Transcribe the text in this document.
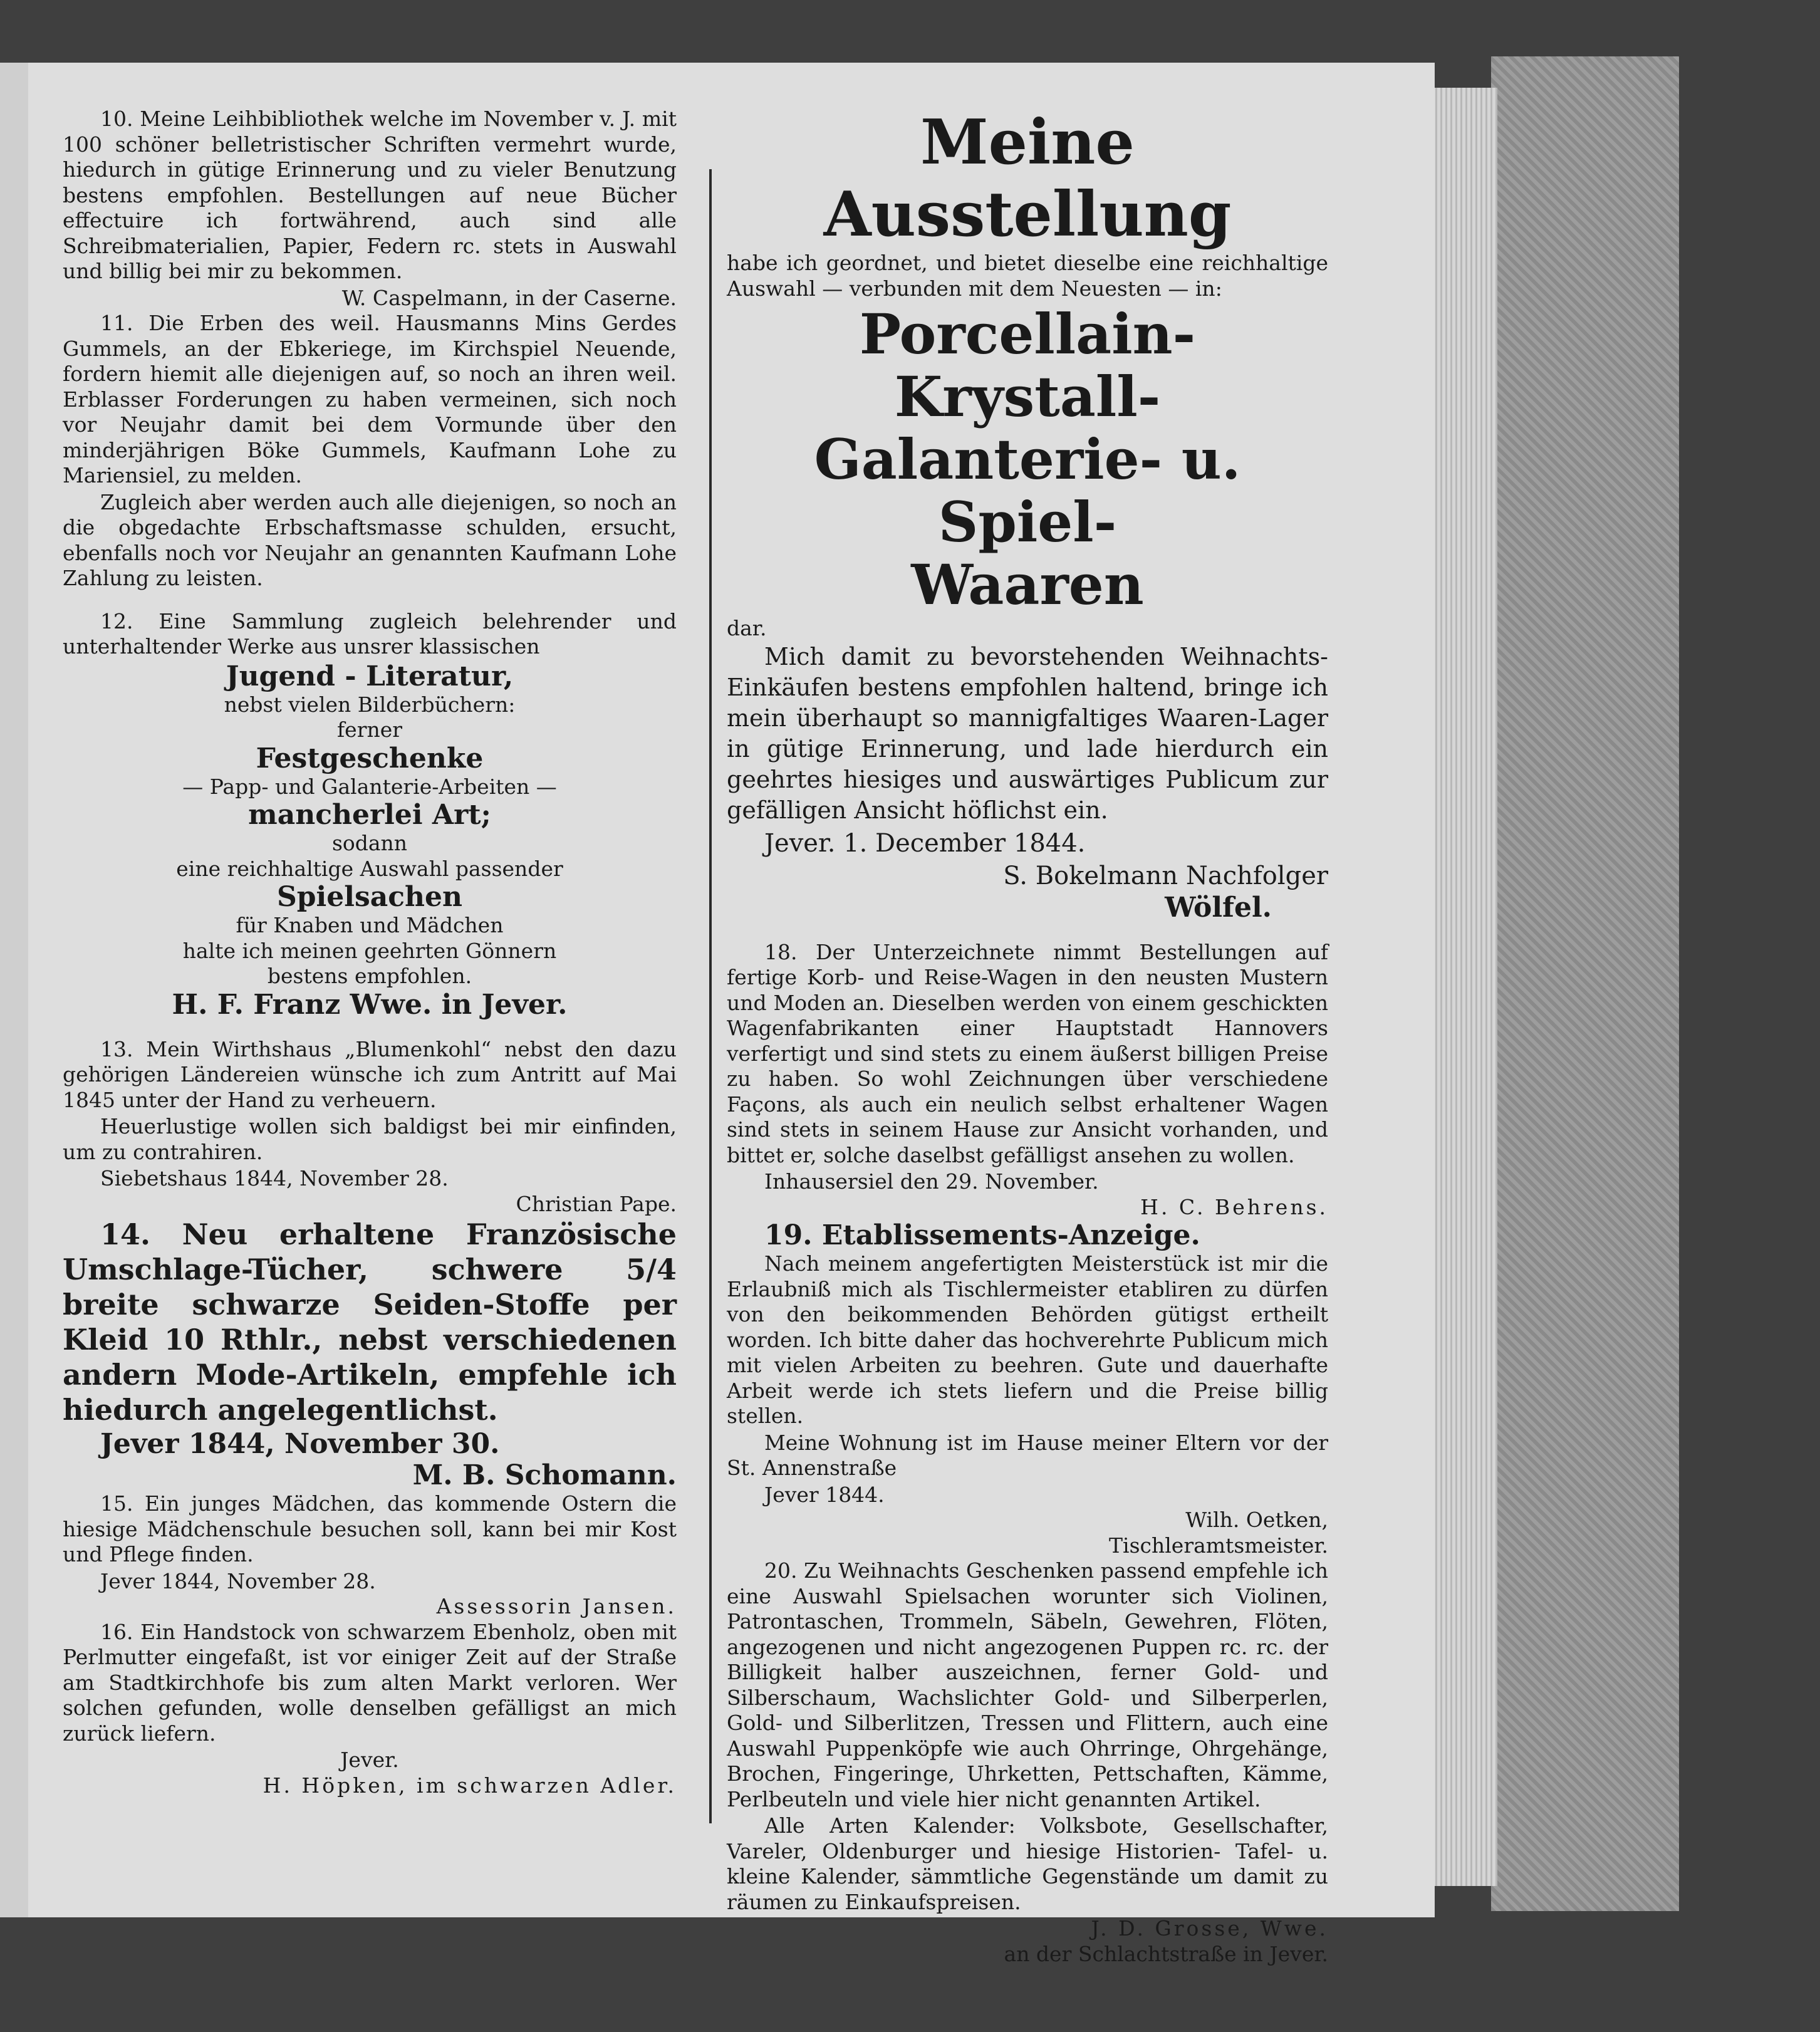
10. Meine Leihbibliothek welche im November v. J. mit 100 schöner belletristischer Schriften vermehrt wurde, hiedurch in gütige Erinnerung und zu vieler Benutzung bestens empfohlen. Bestellungen auf neue Bücher effectuire ich fortwährend, auch sind alle Schreibmaterialien, Papier, Federn rc. stets in Auswahl und billig bei mir zu bekommen.

W. Caspelmann, in der Caserne.

11. Die Erben des weil. Hausmanns Mins Gerdes Gummels, an der Ebkeriege, im Kirchspiel Neuende, fordern hiemit alle diejenigen auf, so noch an ihren weil. Erblasser Forderungen zu haben vermeinen, sich noch vor Neujahr damit bei dem Vormunde über den minderjährigen Böke Gummels, Kaufmann Lohe zu Mariensiel, zu melden.

Zugleich aber werden auch alle diejenigen, so noch an die obgedachte Erbschaftsmasse schulden, ersucht, ebenfalls noch vor Neujahr an genannten Kaufmann Lohe Zahlung zu leisten.

12. Eine Sammlung zugleich belehrender und unterhaltender Werke aus unsrer klassischen

Jugend - Literatur,

nebst vielen Bilderbüchern:

ferner

Festgeschenke

— Papp- und Galanterie-Arbeiten —

mancherlei Art;

sodann

eine reichhaltige Auswahl passender

Spielsachen

für Knaben und Mädchen

halte ich meinen geehrten Gönnern

bestens empfohlen.

H. F. Franz Wwe. in Jever.

13. Mein Wirthshaus „Blumenkohl“ nebst den dazu gehörigen Ländereien wünsche ich zum Antritt auf Mai 1845 unter der Hand zu verheuern.

Heuerlustige wollen sich baldigst bei mir einfinden, um zu contrahiren.

Siebetshaus 1844, November 28.

Christian Pape.

14. Neu erhaltene Französische Umschlage-Tücher, schwere 5/4 breite schwarze Seiden-Stoffe per Kleid 10 Rthlr., nebst verschiedenen andern Mode-Artikeln, empfehle ich hiedurch angelegentlichst.

Jever 1844, November 30.

M. B. Schomann.

15. Ein junges Mädchen, das kommende Ostern die hiesige Mädchenschule besuchen soll, kann bei mir Kost und Pflege finden.

Jever 1844, November 28.

Assessorin Jansen.

16. Ein Handstock von schwarzem Ebenholz, oben mit Perlmutter eingefaßt, ist vor einiger Zeit auf der Straße am Stadtkirchhofe bis zum alten Markt verloren. Wer solchen gefunden, wolle denselben gefälligst an mich zurück liefern.

Jever.

H. Höpken, im schwarzen Adler.

Meine Ausstellung

habe ich geordnet, und bietet dieselbe eine reichhaltige Auswahl — verbunden mit dem Neuesten — in:

Porcellain- Krystall-

Galanterie- u. Spiel-

Waaren

dar.

Mich damit zu bevorstehenden Weihnachts-Einkäufen bestens empfohlen haltend, bringe ich mein überhaupt so mannigfaltiges Waaren-Lager in gütige Erinnerung, und lade hierdurch ein geehrtes hiesiges und auswärtiges Publicum zur gefälligen Ansicht höflichst ein.

Jever. 1. December 1844.

S. Bokelmann Nachfolger

Wölfel.

18. Der Unterzeichnete nimmt Bestellungen auf fertige Korb- und Reise-Wagen in den neusten Mustern und Moden an. Dieselben werden von einem geschickten Wagenfabrikanten einer Hauptstadt Hannovers verfertigt und sind stets zu einem äußerst billigen Preise zu haben. So wohl Zeichnungen über verschiedene Façons, als auch ein neulich selbst erhaltener Wagen sind stets in seinem Hause zur Ansicht vorhanden, und bittet er, solche daselbst gefälligst ansehen zu wollen.

Inhausersiel den 29. November.

H. C. Behrens.

19. Etablissements-Anzeige.

Nach meinem angefertigten Meisterstück ist mir die Erlaubniß mich als Tischlermeister etabliren zu dürfen von den beikommenden Behörden gütigst ertheilt worden. Ich bitte daher das hochverehrte Publicum mich mit vielen Arbeiten zu beehren. Gute und dauerhafte Arbeit werde ich stets liefern und die Preise billig stellen.

Meine Wohnung ist im Hause meiner Eltern vor der St. Annenstraße

Jever 1844.

Wilh. Oetken,

Tischleramtsmeister.

20. Zu Weihnachts Geschenken passend empfehle ich eine Auswahl Spielsachen worunter sich Violinen, Patrontaschen, Trommeln, Säbeln, Gewehren, Flöten, angezogenen und nicht angezogenen Puppen rc. rc. der Billigkeit halber auszeichnen, ferner Gold- und Silberschaum, Wachslichter Gold- und Silberperlen, Gold- und Silberlitzen, Tressen und Flittern, auch eine Auswahl Puppenköpfe wie auch Ohrringe, Ohrgehänge, Brochen, Fingeringe, Uhrketten, Pettschaften, Kämme, Perlbeuteln und viele hier nicht genannten Artikel.

Alle Arten Kalender: Volksbote, Gesellschafter, Vareler, Oldenburger und hiesige Historien- Tafel- u. kleine Kalender, sämmtliche Gegenstände um damit zu räumen zu Einkaufspreisen.

J. D. Grosse, Wwe.

an der Schlachtstraße in Jever.
